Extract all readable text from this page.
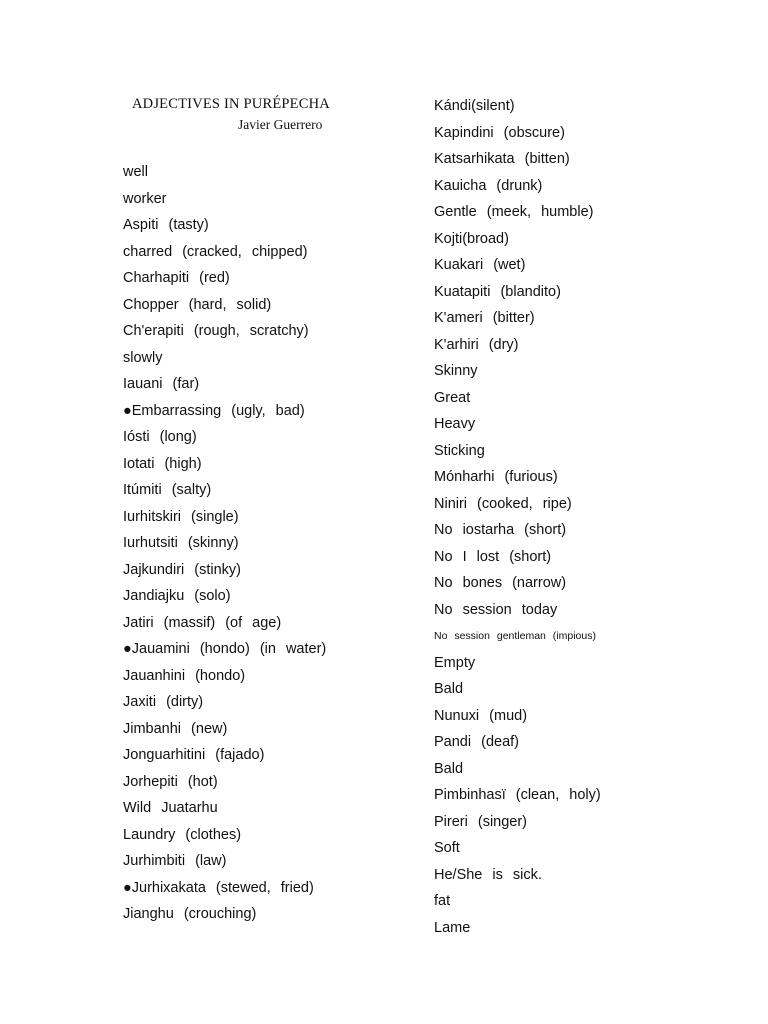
ADJECTIVES IN PURÉPECHA
Javier Guerrero
well
worker
Aspiti (tasty)
charred (cracked, chipped)
Charhapiti (red)
Chopper (hard, solid)
Ch'erapiti (rough, scratchy)
slowly
Iauani (far)
●Embarrassing (ugly, bad)
Iósti (long)
Iotati (high)
Itúmiti (salty)
Iurhitskiri (single)
Iurhutsiti (skinny)
Jajkundiri (stinky)
Jandiajku (solo)
Jatiri (massif) (of age)
●Jauamini (hondo) (in water)
Jauanhini (hondo)
Jaxiti (dirty)
Jimbanhi (new)
Jonguarhitini (fajado)
Jorhepiti (hot)
Wild Juatarhu
Laundry (clothes)
Jurhimbiti (law)
●Jurhixakata (stewed, fried)
Jianghu (crouching)
Kándi(silent)
Kapindini (obscure)
Katsarhikata (bitten)
Kauicha (drunk)
Gentle (meek, humble)
Kojti(broad)
Kuakari (wet)
Kuatapiti (blandito)
K'ameri (bitter)
K'arhiri (dry)
Skinny
Great
Heavy
Sticking
Mónharhi (furious)
Niniri (cooked, ripe)
No iostarha (short)
No I lost (short)
No bones (narrow)
No session today
No session gentleman (impious)
Empty
Bald
Nunuxi (mud)
Pandi (deaf)
Bald
Pimbinhasï (clean, holy)
Pireri (singer)
Soft
He/She is sick.
fat
Lame
